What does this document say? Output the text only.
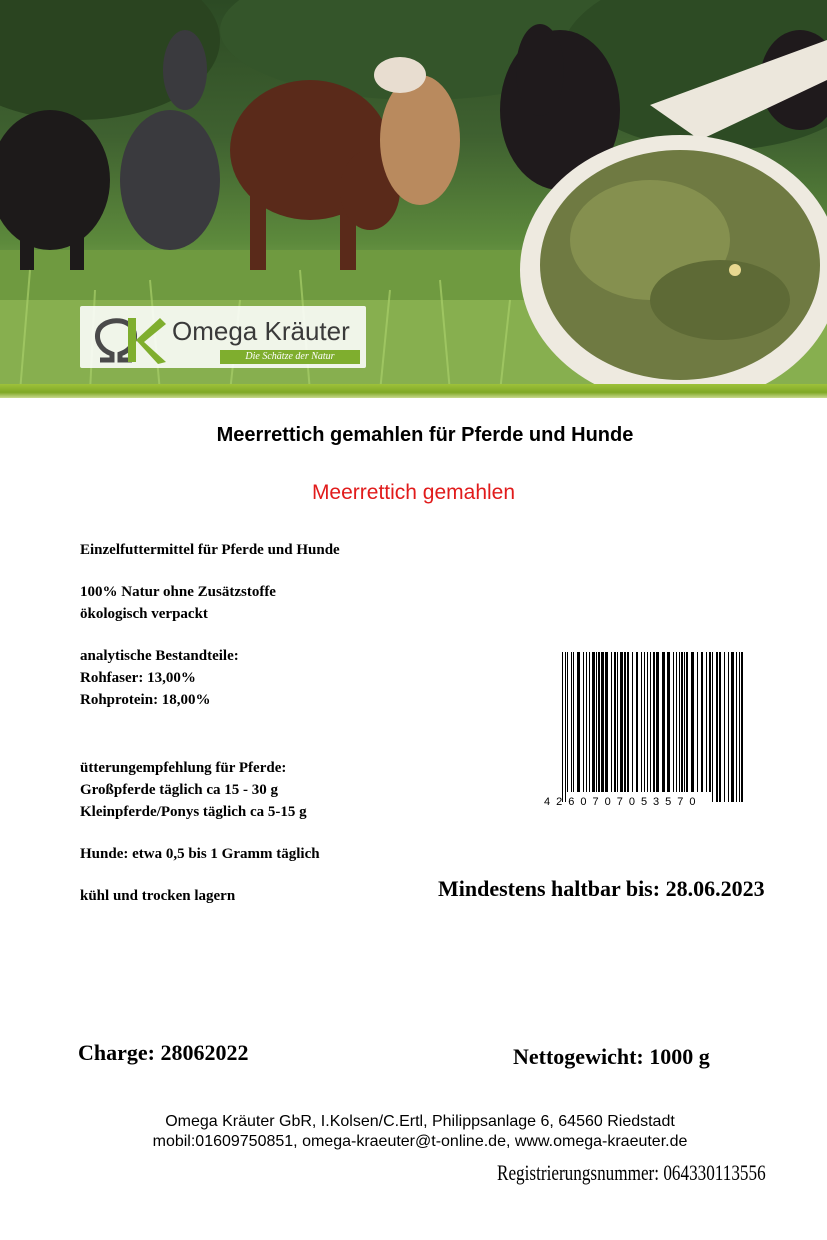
Omega Kräuter
Die Schätze der Natur
Meerrettich gemahlen für Pferde und Hunde
Meerrettich gemahlen
Einzelfuttermittel für Pferde und Hunde
100% Natur ohne Zusätzstoffe
ökologisch verpackt
analytische Bestandteile:
Rohfaser: 13,00%
Rohprotein: 18,00%
ütterungempfehlung für Pferde:
Großpferde täglich ca 15 - 30 g
Kleinpferde/Ponys täglich ca 5-15 g
Hunde: etwa 0,5 bis 1 Gramm täglich
kühl und trocken lagern
4260707053570
Mindestens haltbar bis: 28.06.2023
Charge: 28062022	Nettogewicht: 1000 g
Omega Kräuter GbR, I.Kolsen/C.Ertl, Philippsanlage 6, 64560 Riedstadt
mobil:01609750851, omega-kraeuter@t-online.de, www.omega-kraeuter.de
Registrierungsnummer: 064330113556
